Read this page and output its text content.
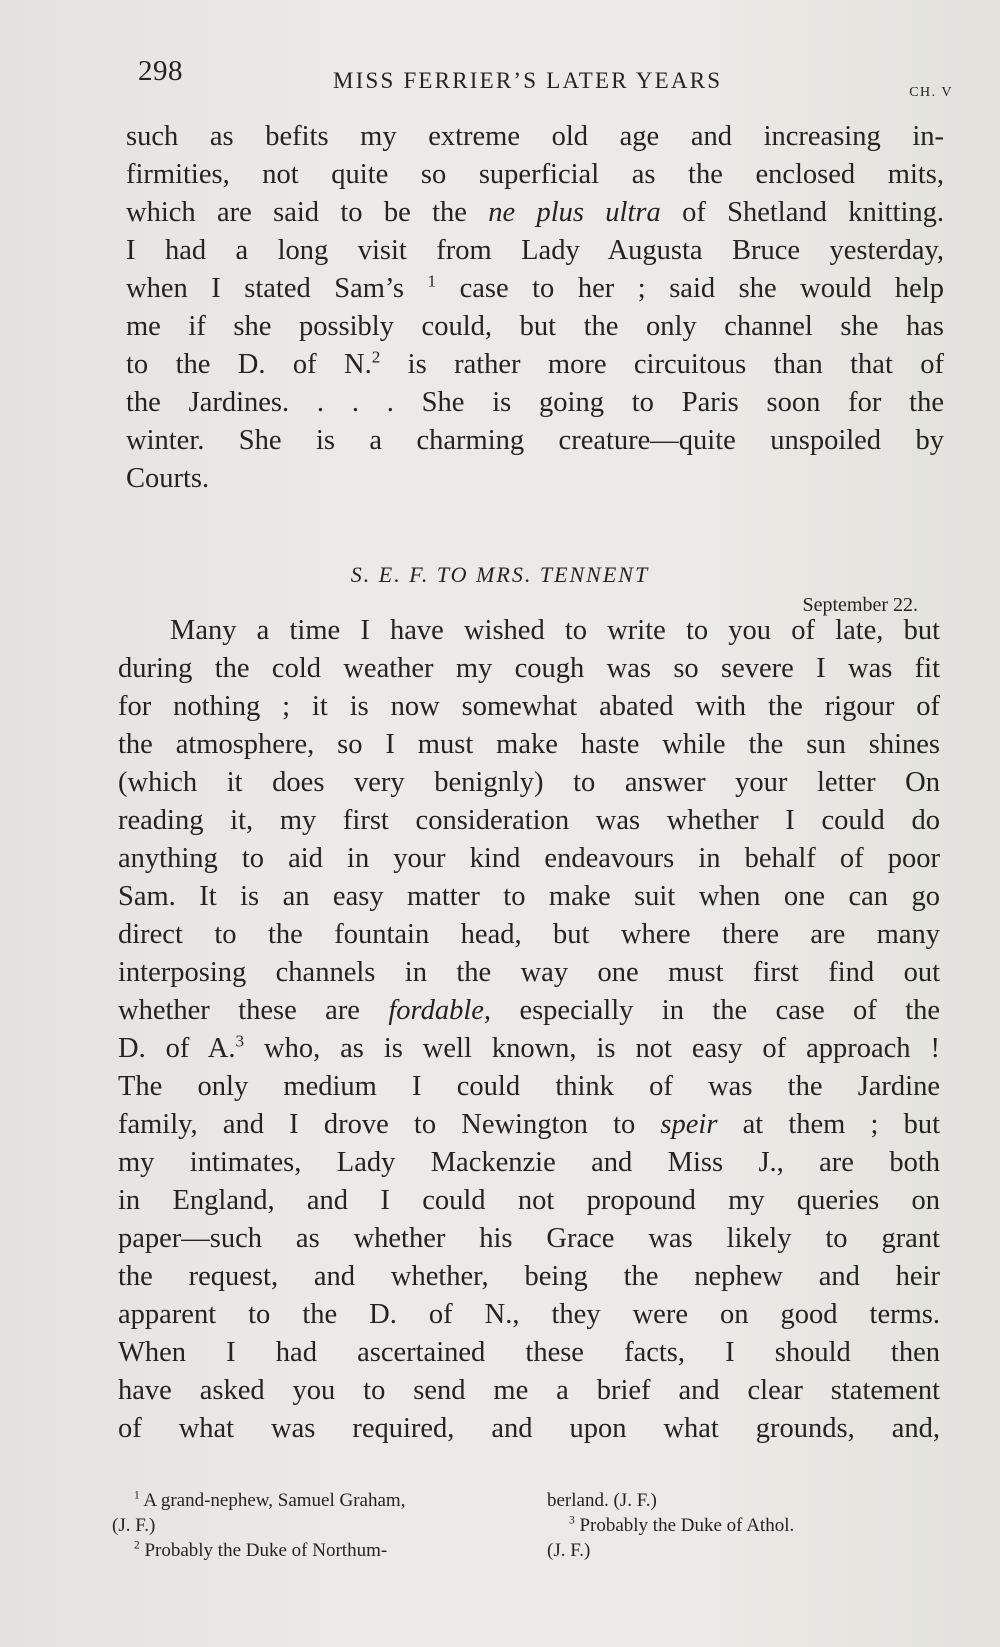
298	MISS FERRIER’S LATER YEARS	CH. V
such as befits my extreme old age and increasing in-
firmities, not quite so superficial as the enclosed mits,
which are said to be the ne plus ultra of Shetland knitting.
I had a long visit from Lady Augusta Bruce yesterday,
when I stated Sam’s $^1$ case to her ; said she would help
me if she possibly could, but the only channel she has
to the D. of N.$^2$ is rather more circuitous than that of
the Jardines. . . . She is going to Paris soon for the
winter. She is a charming creature—quite unspoiled by
Courts.
S. E. F. TO MRS. TENNENT
September 22.
Many a time I have wished to write to you of late, but
during the cold weather my cough was so severe I was fit
for nothing ; it is now somewhat abated with the rigour of
the atmosphere, so I must make haste while the sun shines
(which it does very benignly) to answer your letter On
reading it, my first consideration was whether I could do
anything to aid in your kind endeavours in behalf of poor
Sam. It is an easy matter to make suit when one can go
direct to the fountain head, but where there are many
interposing channels in the way one must first find out
whether these are fordable, especially in the case of the
D. of A.$^3$ who, as is well known, is not easy of approach !
The only medium I could think of was the Jardine
family, and I drove to Newington to speir at them ; but
my intimates, Lady Mackenzie and Miss J., are both
in England, and I could not propound my queries on
paper—such as whether his Grace was likely to grant
the request, and whether, being the nephew and heir
apparent to the D. of N., they were on good terms.
When I had ascertained these facts, I should then
have asked you to send me a brief and clear statement
of what was required, and upon what grounds, and,
$^1$ A grand-nephew, Samuel Graham,
(J. F.)
$^2$ Probably the Duke of Northum-
berland. (J. F.)
$^3$ Probably the Duke of Athol.
(J. F.)
